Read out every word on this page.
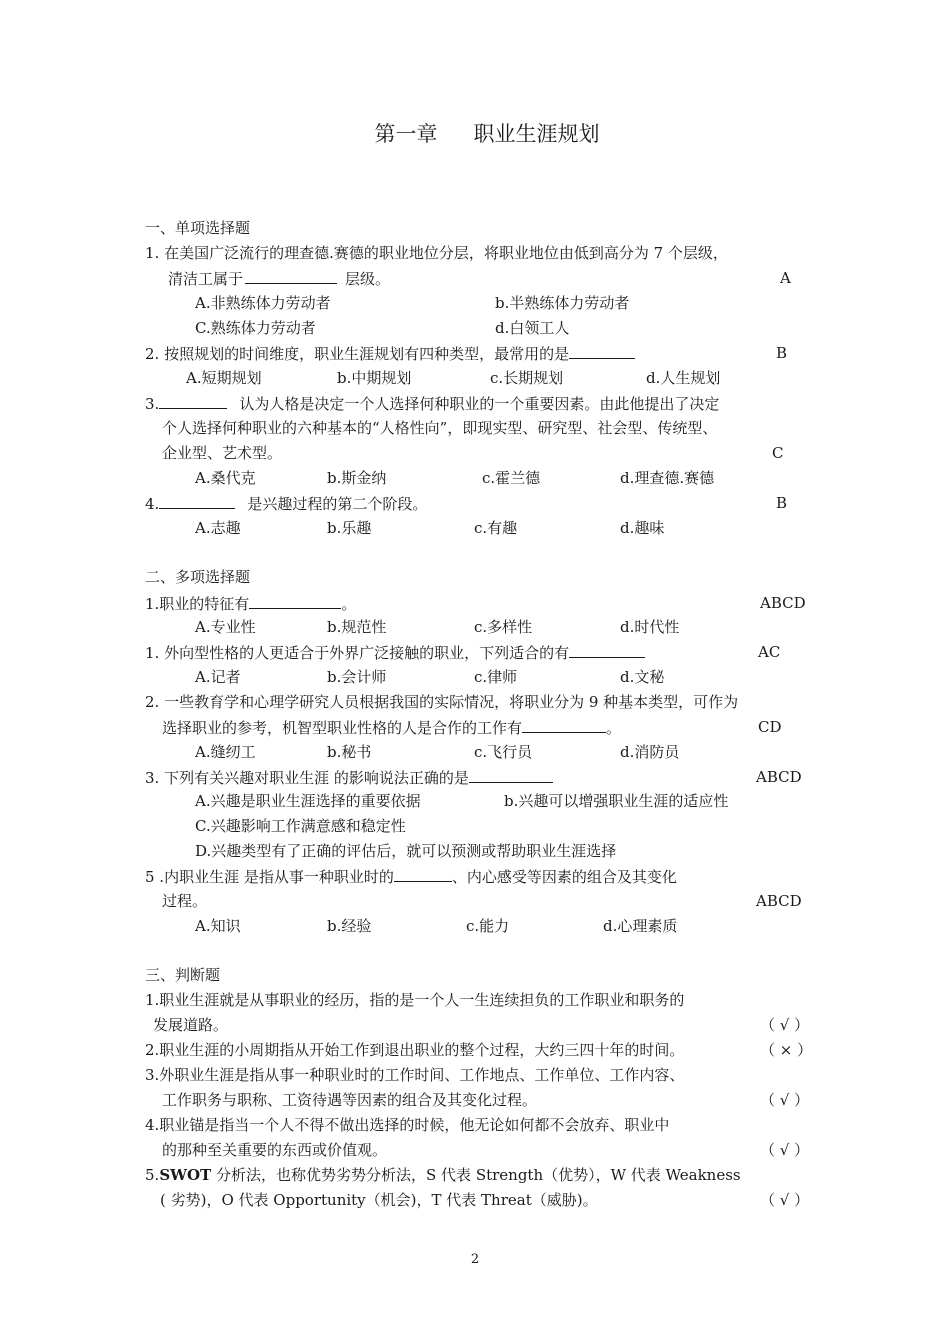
第一章 职业生涯规划
一、单项选择题
1. 在美国广泛流行的理查德.赛德的职业地位分层，将职业地位由低到高分为 7 个层级，
清洁工属于	层级。	A
A.非熟练体力劳动者	b.半熟练体力劳动者
C.熟练体力劳动者	d.白领工人
2. 按照规划的时间维度，职业生涯规划有四种类型，最常用的是	B
A.短期规划	b.中期规划	c.长期规划	d.人生规划
3.	认为人格是决定一个人选择何种职业的一个重要因素。由此他提出了决定
个人选择何种职业的六种基本的“人格性向”，即现实型、研究型、社会型、传统型、
企业型、艺术型。	C
A.桑代克	b.斯金纳	c.霍兰德	d.理查德.赛德
4.	是兴趣过程的第二个阶段。	B
A.志趣	b.乐趣	c.有趣	d.趣味
二、多项选择题
1.职业的特征有	。	ABCD
A.专业性	b.规范性	c.多样性	d.时代性
1. 外向型性格的人更适合于外界广泛接触的职业，下列适合的有	AC
A.记者	b.会计师	c.律师	d.文秘
2. 一些教育学和心理学研究人员根据我国的实际情况，将职业分为 9 种基本类型，可作为
选择职业的参考，机智型职业性格的人是合作的工作有	。	CD
A.缝纫工	b.秘书	c.飞行员	d.消防员
3. 下列有关兴趣对职业生涯 的影响说法正确的是	ABCD
A.兴趣是职业生涯选择的重要依据	b.兴趣可以增强职业生涯的适应性
C.兴趣影响工作满意感和稳定性
D.兴趣类型有了正确的评估后，就可以预测或帮助职业生涯选择
5 .内职业生涯 是指从事一种职业时的	、内心感受等因素的组合及其变化
过程。	ABCD
A.知识	b.经验	c.能力	d.心理素质
三、判断题
1.职业生涯就是从事职业的经历，指的是一个人一生连续担负的工作职业和职务的
发展道路。	（ √ ）
2.职业生涯的小周期指从开始工作到退出职业的整个过程，大约三四十年的时间。	（ × ）
3.外职业生涯是指从事一种职业时的工作时间、工作地点、工作单位、工作内容、
工作职务与职称、工资待遇等因素的组合及其变化过程。	（ √ ）
4.职业锚是指当一个人不得不做出选择的时候，他无论如何都不会放弃、职业中
的那种至关重要的东西或价值观。	（ √ ）
5.SWOT 分析法，也称优势劣势分析法，S 代表 Strength（优势），W 代表 Weakness
( 劣势)，O 代表 Opportunity（机会)，T 代表 Threat（威胁)。	（ √ ）
2
